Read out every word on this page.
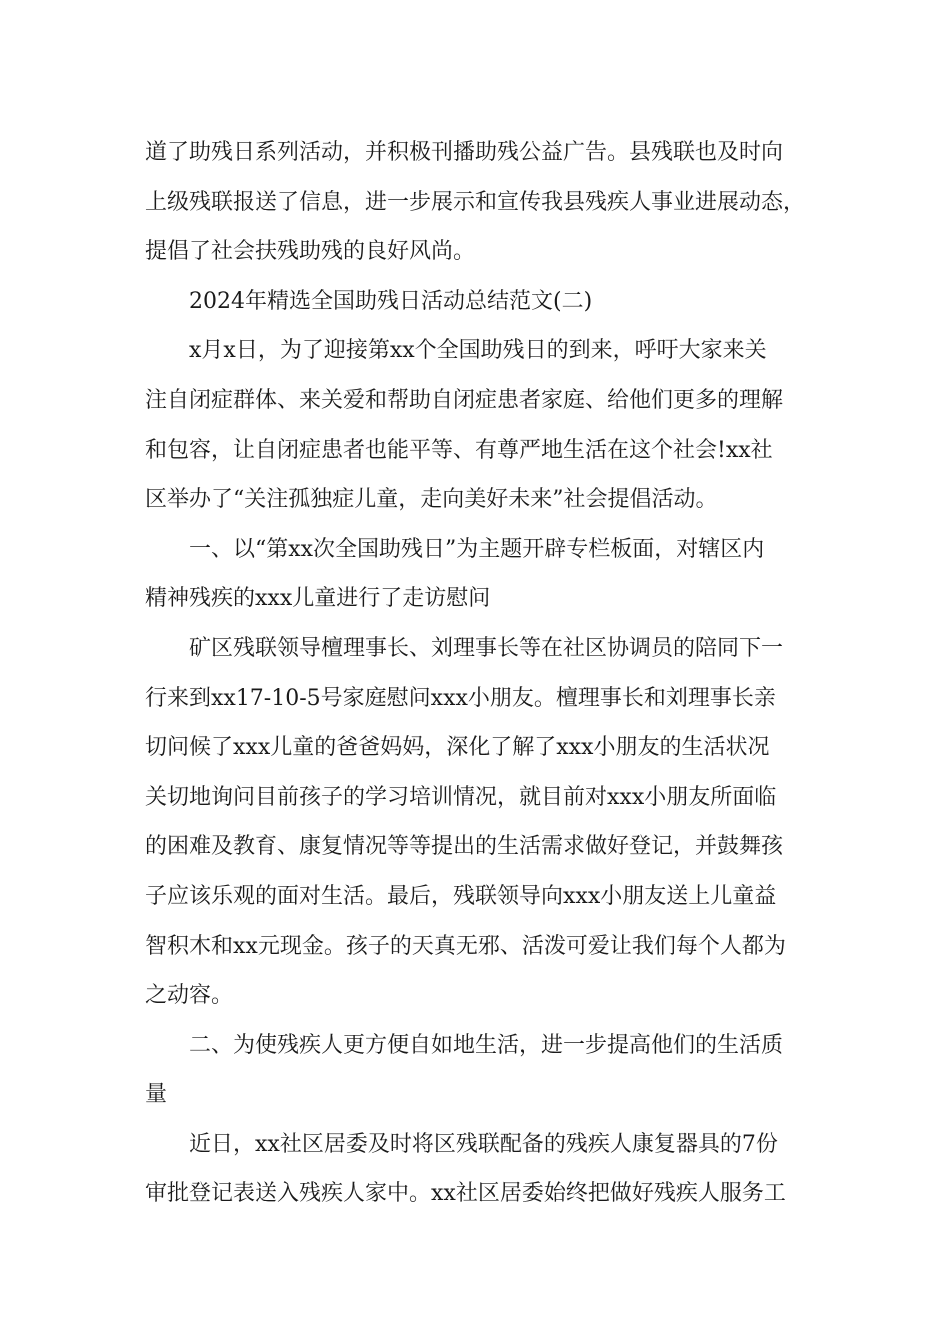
道了助残日系列活动，并积极刊播助残公益广告。县残联也及时向
上级残联报送了信息，进一步展示和宣传我县残疾人事业进展动态，
提倡了社会扶残助残的良好风尚。
2024年精选全国助残日活动总结范文(二)
x月x日，为了迎接第xx个全国助残日的到来，呼吁大家来关
注自闭症群体、来关爱和帮助自闭症患者家庭、给他们更多的理解
和包容，让自闭症患者也能平等、有尊严地生活在这个社会!xx社
区举办了“关注孤独症儿童，走向美好未来”社会提倡活动。
一、以“第xx次全国助残日”为主题开辟专栏板面，对辖区内
精神残疾的xxx儿童进行了走访慰问
矿区残联领导檀理事长、刘理事长等在社区协调员的陪同下一
行来到xx17-10-5号家庭慰问xxx小朋友。檀理事长和刘理事长亲
切问候了xxx儿童的爸爸妈妈，深化了解了xxx小朋友的生活状况
关切地询问目前孩子的学习培训情况，就目前对xxx小朋友所面临
的困难及教育、康复情况等等提出的生活需求做好登记，并鼓舞孩
子应该乐观的面对生活。最后，残联领导向xxx小朋友送上儿童益
智积木和xx元现金。孩子的天真无邪、活泼可爱让我们每个人都为
之动容。
二、为使残疾人更方便自如地生活，进一步提高他们的生活质
量
近日，xx社区居委及时将区残联配备的残疾人康复器具的7份
审批登记表送入残疾人家中。xx社区居委始终把做好残疾人服务工
